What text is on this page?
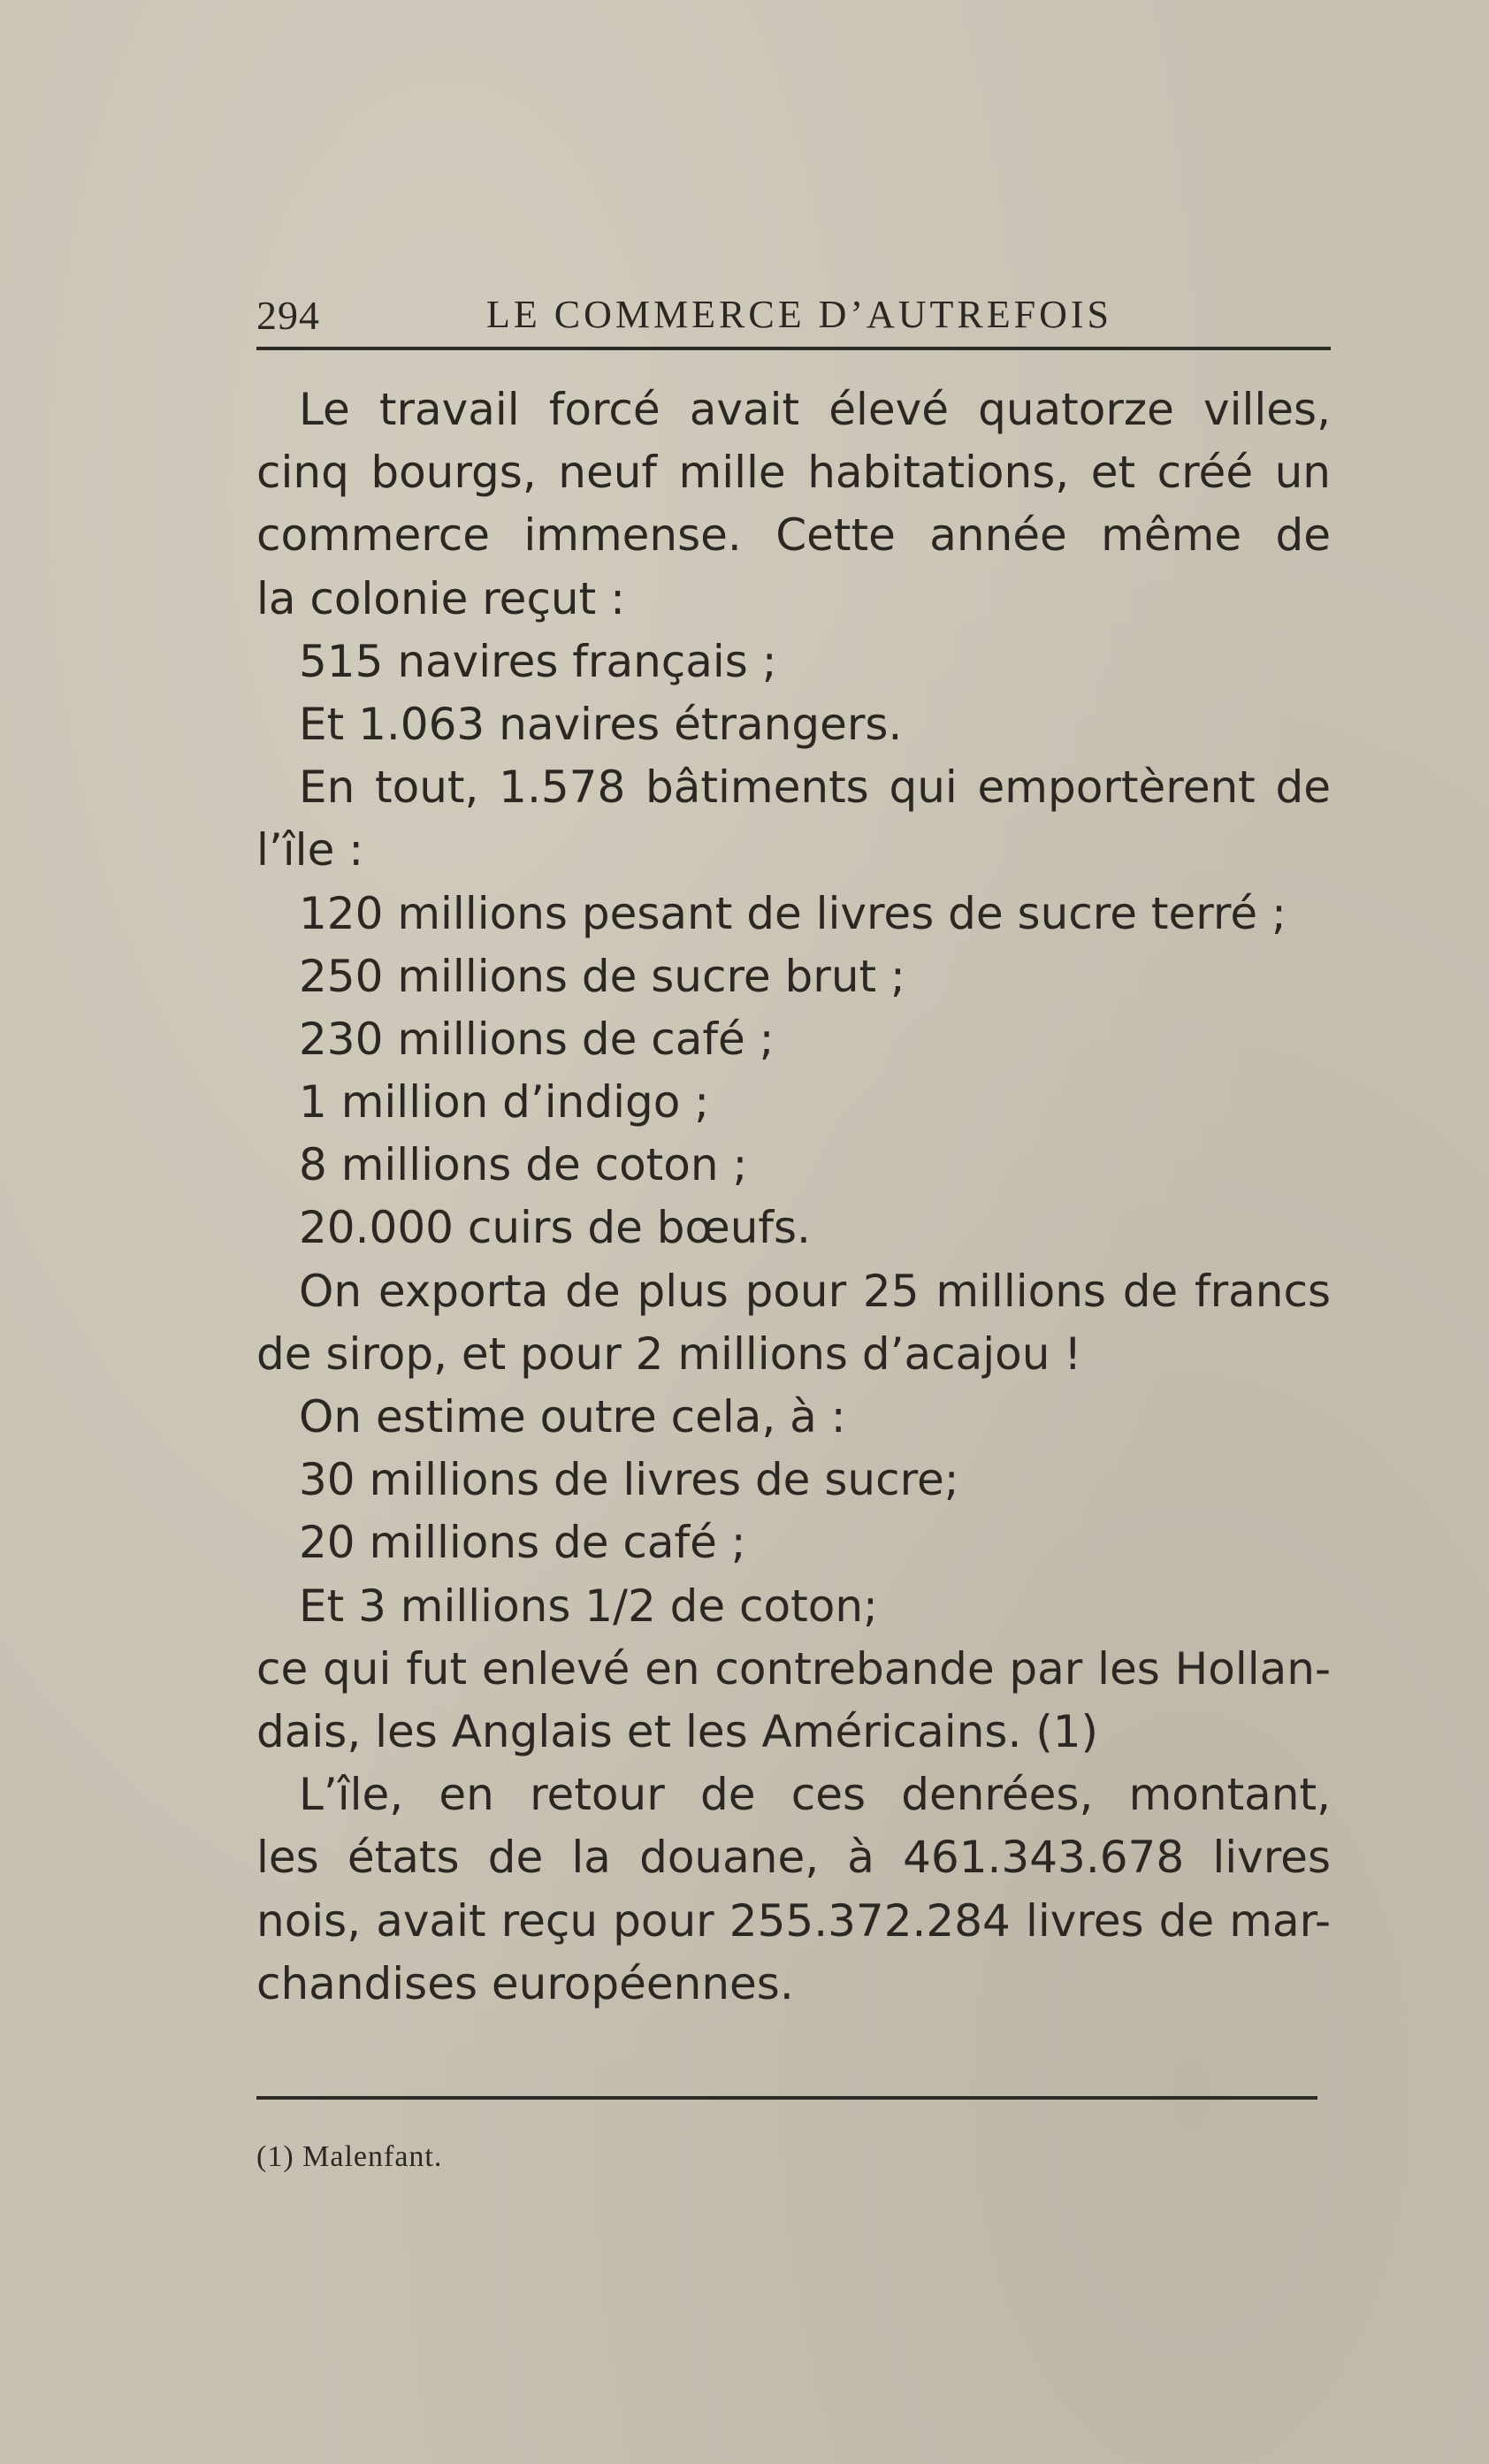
294	LE COMMERCE D’AUTREFOIS
Le travail forcé avait élevé quatorze villes,
cinq bourgs, neuf mille habitations, et créé un
commerce immense. Cette année même de
la colonie reçut :
515 navires français ;
Et 1.063 navires étrangers.
En tout, 1.578 bâtiments qui emportèrent de
l’île :
120 millions pesant de livres de sucre terré ;
250 millions de sucre brut ;
230 millions de café ;
1 million d’indigo ;
8 millions de coton ;
20.000 cuirs de bœufs.
On exporta de plus pour 25 millions de francs
de sirop, et pour 2 millions d’acajou !
On estime outre cela, à :
30 millions de livres de sucre;
20 millions de café ;
Et 3 millions 1/2 de coton;
ce qui fut enlevé en contrebande par les Hollan-
dais, les Anglais et les Américains. (1)
L’île, en retour de ces denrées, montant,
les états de la douane, à 461.343.678 livres
nois, avait reçu pour 255.372.284 livres de mar-
chandises européennes.
(1) Malenfant.
